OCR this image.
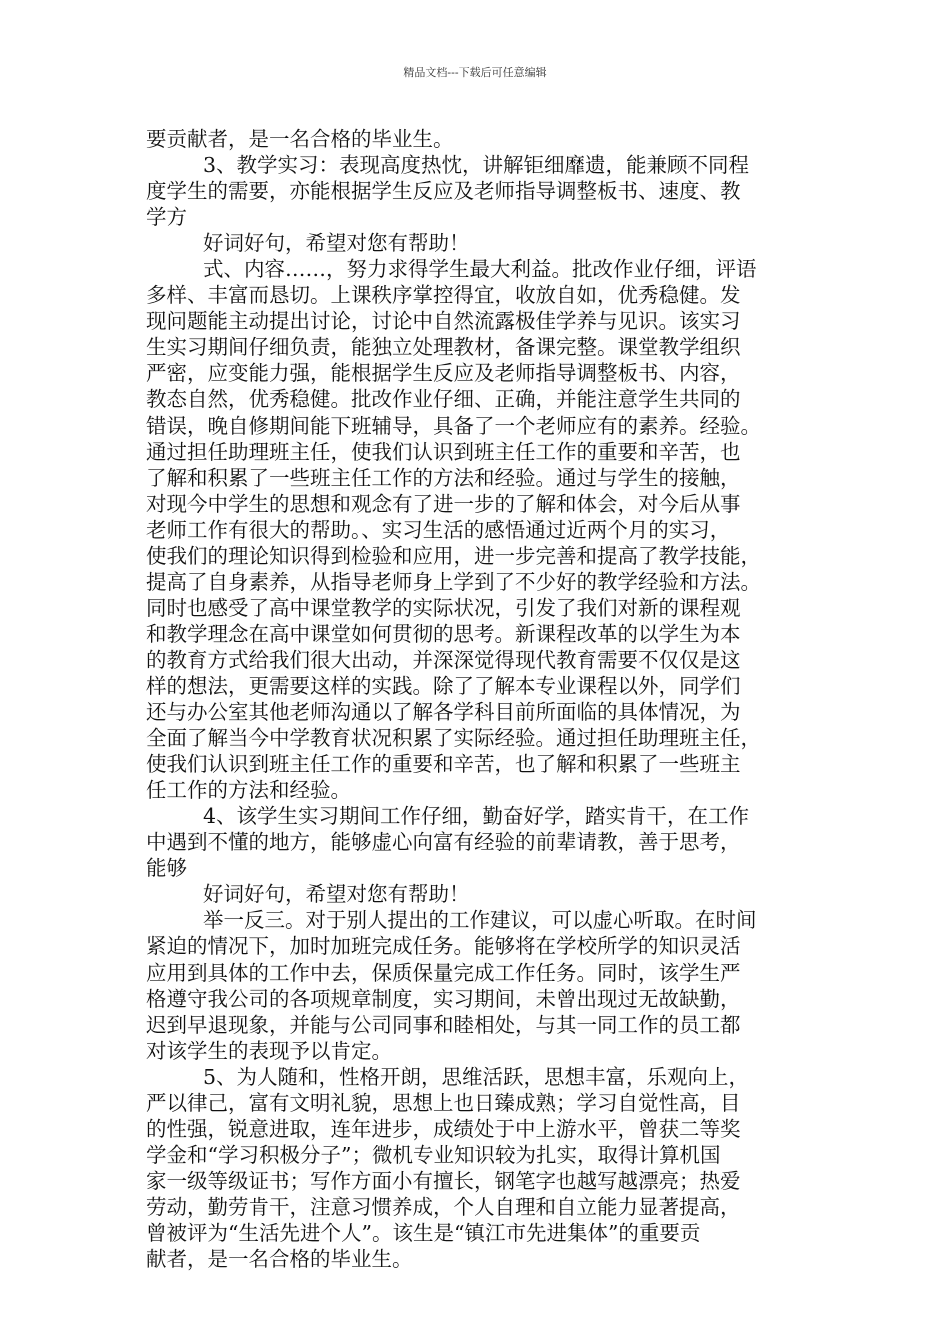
精品文档---下载后可任意编辑
要贡献者，是一名合格的毕业生。
3、教学实习：表现高度热忱，讲解钜细靡遗，能兼顾不同程
度学生的需要，亦能根据学生反应及老师指导调整板书、速度、教
学方
好词好句，希望对您有帮助！
式、内容……，努力求得学生最大利益。批改作业仔细，评语
多样、丰富而恳切。上课秩序掌控得宜，收放自如，优秀稳健。发
现问题能主动提出讨论，讨论中自然流露极佳学养与见识。该实习
生实习期间仔细负责，能独立处理教材，备课完整。课堂教学组织
严密，应变能力强，能根据学生反应及老师指导调整板书、内容，
教态自然，优秀稳健。批改作业仔细、正确，并能注意学生共同的
错误，晚自修期间能下班辅导，具备了一个老师应有的素养。经验。
通过担任助理班主任，使我们认识到班主任工作的重要和辛苦，也
了解和积累了一些班主任工作的方法和经验。通过与学生的接触，
对现今中学生的思想和观念有了进一步的了解和体会，对今后从事
老师工作有很大的帮助。、实习生活的感悟通过近两个月的实习，
使我们的理论知识得到检验和应用，进一步完善和提高了教学技能，
提高了自身素养，从指导老师身上学到了不少好的教学经验和方法。
同时也感受了高中课堂教学的实际状况，引发了我们对新的课程观
和教学理念在高中课堂如何贯彻的思考。新课程改革的以学生为本
的教育方式给我们很大出动，并深深觉得现代教育需要不仅仅是这
样的想法，更需要这样的实践。除了了解本专业课程以外，同学们
还与办公室其他老师沟通以了解各学科目前所面临的具体情况，为
全面了解当今中学教育状况积累了实际经验。通过担任助理班主任，
使我们认识到班主任工作的重要和辛苦，也了解和积累了一些班主
任工作的方法和经验。
4、该学生实习期间工作仔细，勤奋好学，踏实肯干，在工作
中遇到不懂的地方，能够虚心向富有经验的前辈请教，善于思考，
能够
好词好句，希望对您有帮助！
举一反三。对于别人提出的工作建议，可以虚心听取。在时间
紧迫的情况下，加时加班完成任务。能够将在学校所学的知识灵活
应用到具体的工作中去，保质保量完成工作任务。同时，该学生严
格遵守我公司的各项规章制度，实习期间，未曾出现过无故缺勤，
迟到早退现象，并能与公司同事和睦相处，与其一同工作的员工都
对该学生的表现予以肯定。
5、为人随和，性格开朗，思维活跃，思想丰富，乐观向上，
严以律己，富有文明礼貌，思想上也日臻成熟；学习自觉性高，目
的性强，锐意进取，连年进步，成绩处于中上游水平，曾获二等奖
学金和“学习积极分子”；微机专业知识较为扎实，取得计算机国
家一级等级证书；写作方面小有擅长，钢笔字也越写越漂亮；热爱
劳动，勤劳肯干，注意习惯养成，个人自理和自立能力显著提高，
曾被评为“生活先进个人”。该生是“镇江市先进集体”的重要贡
献者，是一名合格的毕业生。
